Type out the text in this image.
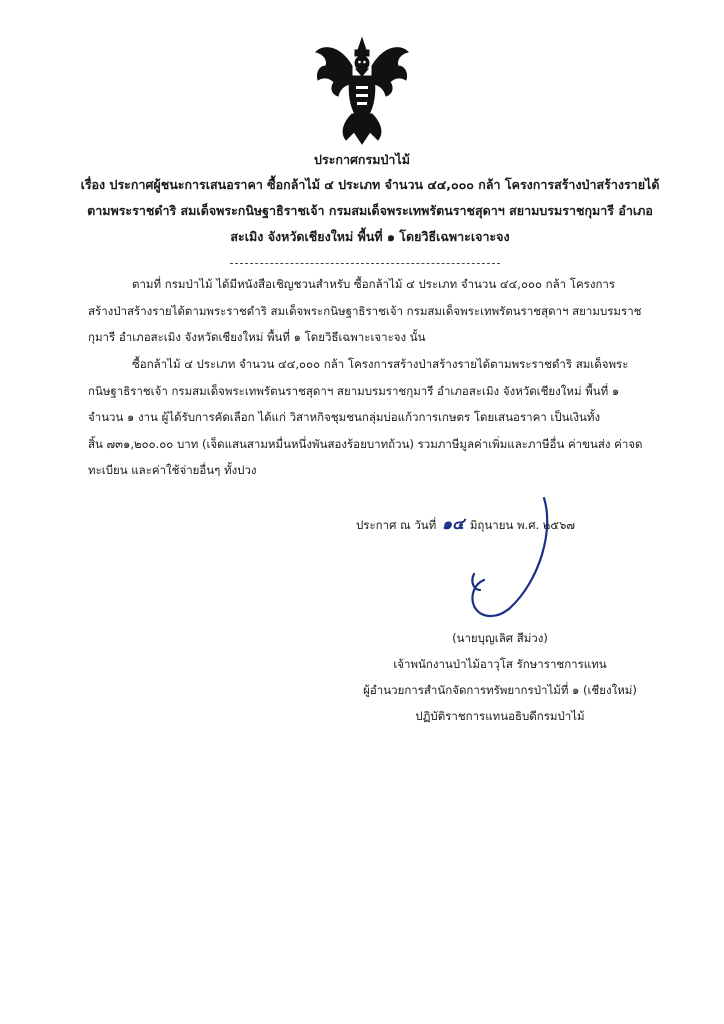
ประกาศกรมป่าไม้
เรื่อง ประกาศผู้ชนะการเสนอราคา ซื้อกล้าไม้ ๔ ประเภท จำนวน ๔๔,๐๐๐ กล้า โครงการสร้างป่าสร้างรายได้
ตามพระราชดำริ สมเด็จพระกนิษฐาธิราชเจ้า กรมสมเด็จพระเทพรัตนราชสุดาฯ สยามบรมราชกุมารี อำเภอ
สะเมิง จังหวัดเชียงใหม่ พื้นที่ ๑ โดยวิธีเฉพาะเจาะจง
ตามที่ กรมป่าไม้ ได้มีหนังสือเชิญชวนสำหรับ ซื้อกล้าไม้ ๔ ประเภท จำนวน ๔๔,๐๐๐ กล้า โครงการ
สร้างป่าสร้างรายได้ตามพระราชดำริ สมเด็จพระกนิษฐาธิราชเจ้า กรมสมเด็จพระเทพรัตนราชสุดาฯ สยามบรมราช
กุมารี อำเภอสะเมิง จังหวัดเชียงใหม่ พื้นที่ ๑ โดยวิธีเฉพาะเจาะจง นั้น
ซื้อกล้าไม้ ๔ ประเภท จำนวน ๔๔,๐๐๐ กล้า โครงการสร้างป่าสร้างรายได้ตามพระราชดำริ สมเด็จพระ
กนิษฐาธิราชเจ้า กรมสมเด็จพระเทพรัตนราชสุดาฯ สยามบรมราชกุมารี อำเภอสะเมิง จังหวัดเชียงใหม่ พื้นที่ ๑
จำนวน ๑ งาน ผู้ได้รับการคัดเลือก ได้แก่ วิสาหกิจชุมชนกลุ่มบ่อแก้วการเกษตร โดยเสนอราคา เป็นเงินทั้ง
สิ้น ๗๓๑,๒๐๐.๐๐ บาท (เจ็ดแสนสามหมื่นหนึ่งพันสองร้อยบาทถ้วน) รวมภาษีมูลค่าเพิ่มและภาษีอื่น ค่าขนส่ง ค่าจด
ทะเบียน และค่าใช้จ่ายอื่นๆ ทั้งปวง
ประกาศ ณ วันที่ ๑๔ มิถุนายน พ.ศ. ๒๕๖๗
(นายบุญเลิศ สีม่วง)
เจ้าพนักงานป่าไม้อาวุโส รักษาราชการแทน
ผู้อำนวยการสำนักจัดการทรัพยากรป่าไม้ที่ ๑ (เชียงใหม่)
ปฏิบัติราชการแทนอธิบดีกรมป่าไม้
